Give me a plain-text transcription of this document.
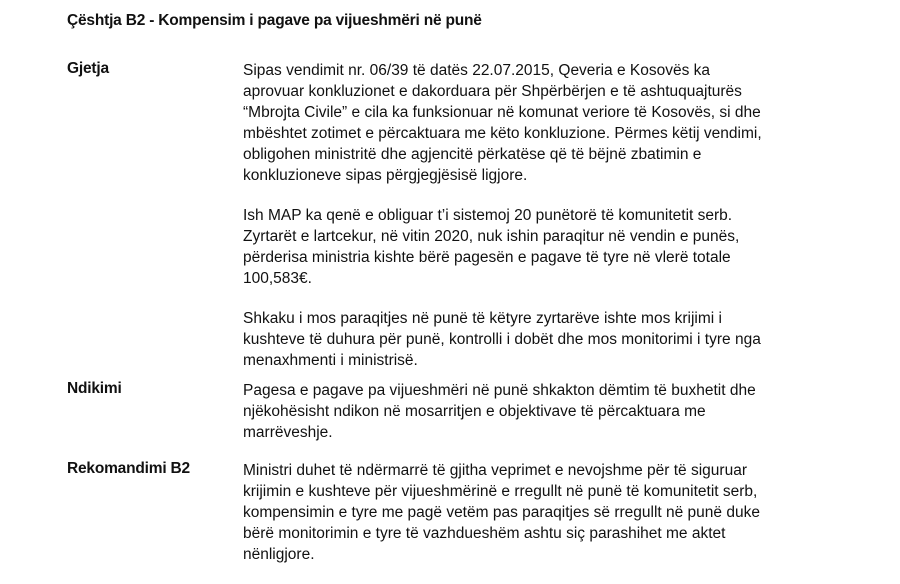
Çështja B2 - Kompensim i pagave pa vijueshmëri në punë
Gjetja	Sipas vendimit nr. 06/39 të datës 22.07.2015, Qeveria e Kosovës ka
aprovuar konkluzionet e dakorduara për Shpërbërjen e të ashtuquajturës
“Mbrojta Civile” e cila ka funksionuar në komunat veriore të Kosovës, si dhe
mbështet zotimet e përcaktuara me këto konkluzione. Përmes këtij vendimi,
obligohen ministritë dhe agjencitë përkatëse që të bëjnë zbatimin e
konkluzioneve sipas përgjegjësisë ligjore.

Ish MAP ka qenë e obliguar t’i sistemoj 20 punëtorë të komunitetit serb.
Zyrtarët e lartcekur, në vitin 2020, nuk ishin paraqitur në vendin e punës,
përderisa ministria kishte bërë pagesën e pagave të tyre në vlerë totale
100,583€.

Shkaku i mos paraqitjes në punë të këtyre zyrtarëve ishte mos krijimi i
kushteve të duhura për punë, kontrolli i dobët dhe mos monitorimi i tyre nga
menaxhmenti i ministrisë.

Ndikimi	Pagesa e pagave pa vijueshmëri në punë shkakton dëmtim të buxhetit dhe
njëkohësisht ndikon në mosarritjen e objektivave të përcaktuara me
marrëveshje.

Rekomandimi B2	Ministri duhet të ndërmarrë të gjitha veprimet e nevojshme për të siguruar
krijimin e kushteve për vijueshmërinë e rregullt në punë të komunitetit serb,
kompensimin e tyre me pagë vetëm pas paraqitjes së rregullt në punë duke
bërë monitorimin e tyre të vazhdueshëm ashtu siç parashihet me aktet
nënligjore.
